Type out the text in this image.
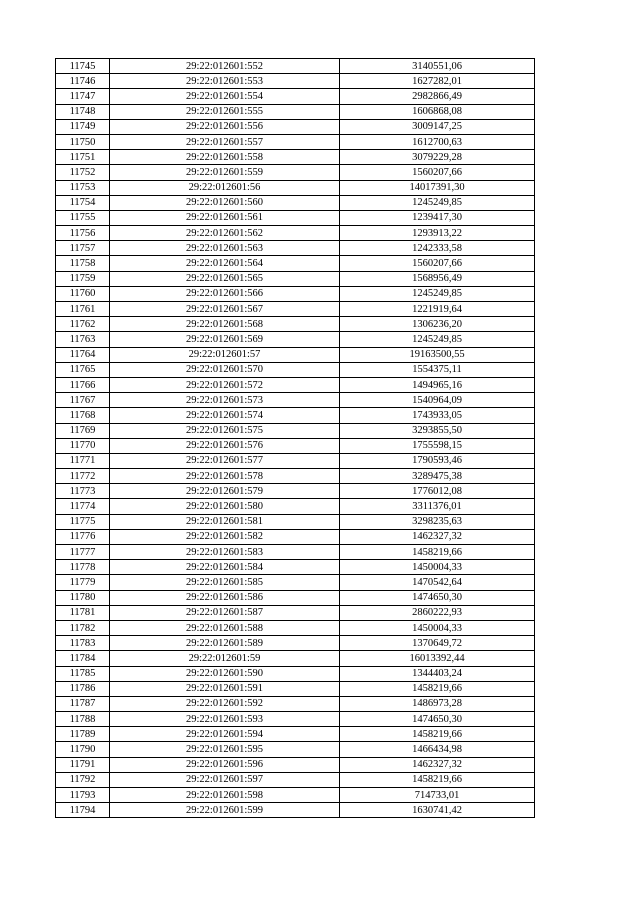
11745	29:22:012601:552	3140551,06
11746	29:22:012601:553	1627282,01
11747	29:22:012601:554	2982866,49
11748	29:22:012601:555	1606868,08
11749	29:22:012601:556	3009147,25
11750	29:22:012601:557	1612700,63
11751	29:22:012601:558	3079229,28
11752	29:22:012601:559	1560207,66
11753	29:22:012601:56	14017391,30
11754	29:22:012601:560	1245249,85
11755	29:22:012601:561	1239417,30
11756	29:22:012601:562	1293913,22
11757	29:22:012601:563	1242333,58
11758	29:22:012601:564	1560207,66
11759	29:22:012601:565	1568956,49
11760	29:22:012601:566	1245249,85
11761	29:22:012601:567	1221919,64
11762	29:22:012601:568	1306236,20
11763	29:22:012601:569	1245249,85
11764	29:22:012601:57	19163500,55
11765	29:22:012601:570	1554375,11
11766	29:22:012601:572	1494965,16
11767	29:22:012601:573	1540964,09
11768	29:22:012601:574	1743933,05
11769	29:22:012601:575	3293855,50
11770	29:22:012601:576	1755598,15
11771	29:22:012601:577	1790593,46
11772	29:22:012601:578	3289475,38
11773	29:22:012601:579	1776012,08
11774	29:22:012601:580	3311376,01
11775	29:22:012601:581	3298235,63
11776	29:22:012601:582	1462327,32
11777	29:22:012601:583	1458219,66
11778	29:22:012601:584	1450004,33
11779	29:22:012601:585	1470542,64
11780	29:22:012601:586	1474650,30
11781	29:22:012601:587	2860222,93
11782	29:22:012601:588	1450004,33
11783	29:22:012601:589	1370649,72
11784	29:22:012601:59	16013392,44
11785	29:22:012601:590	1344403,24
11786	29:22:012601:591	1458219,66
11787	29:22:012601:592	1486973,28
11788	29:22:012601:593	1474650,30
11789	29:22:012601:594	1458219,66
11790	29:22:012601:595	1466434,98
11791	29:22:012601:596	1462327,32
11792	29:22:012601:597	1458219,66
11793	29:22:012601:598	714733,01
11794	29:22:012601:599	1630741,42
